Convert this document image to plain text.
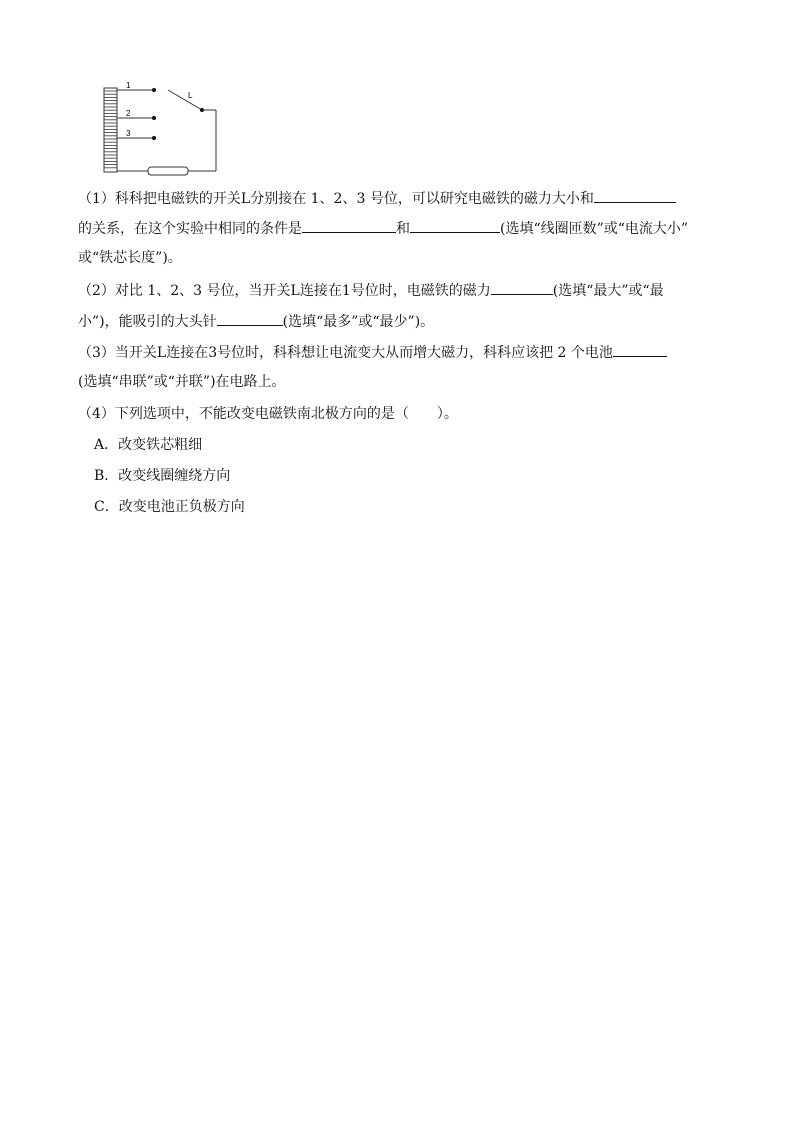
1
2
3
L
（1）科科把电磁铁的开关L分别接在 1、2、3 号位，可以研究电磁铁的磁力大小和
的关系，在这个实验中相同的条件是	和	(选填“线圈匝数”或“电流大小”
或“铁芯长度”)。
（2）对比 1、2、3 号位，当开关L连接在1号位时，电磁铁的磁力	(选填“最大”或“最
小”)，能吸引的大头针	(选填“最多”或“最少”)。
（3）当开关L连接在3号位时，科科想让电流变大从而增大磁力，科科应该把 2 个电池
(选填“串联”或“并联”)在电路上。
（4）下列选项中，不能改变电磁铁南北极方向的是（　　）。
A．改变铁芯粗细
B．改变线圈缠绕方向
C．改变电池正负极方向
